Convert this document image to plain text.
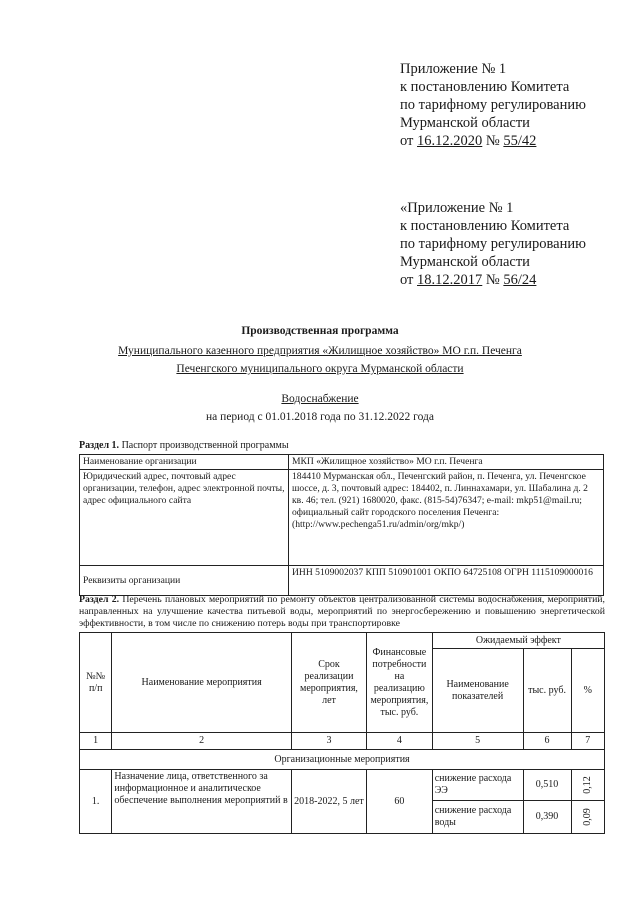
Приложение № 1
к постановлению Комитета
по тарифному регулированию
Мурманской области
от 16.12.2020 № 55/42
«Приложение № 1
к постановлению Комитета
по тарифному регулированию
Мурманской области
от 18.12.2017 № 56/24
Производственная программа
Муниципального казенного предприятия «Жилищное хозяйство» МО г.п. Печенга
Печенгского муниципального округа Мурманской области
Водоснабжение
на период с 01.01.2018 года по 31.12.2022 года
Раздел 1. Паспорт производственной программы
Наименование организации	МКП «Жилищное хозяйство» МО г.п. Печенга
Юридический адрес, почтовый адрес организации, телефон, адрес электронной почты, адрес официального сайта	184410 Мурманская обл., Печенгский район, п. Печенга, ул. Печенгское шоссе, д. 3, почтовый адрес: 184402, п. Линнахамари, ул. Шабалина д. 2 кв. 46; тел. (921) 1680020, факс. (815-54)76347; e-mail: mkp51@mail.ru; официальный сайт городского поселения Печенга: (http://www.pechenga51.ru/admin/org/mkp/)
Реквизиты организации	ИНН 5109002037 КПП 510901001 ОКПО 64725108 ОГРН 1115109000016
Раздел 2. Перечень плановых мероприятий по ремонту объектов централизованной системы водоснабжения, мероприятий, направленных на улучшение качества питьевой воды, мероприятий по энергосбережению и повышению энергетической эффективности, в том числе по снижению потерь воды при транспортировке
№№ п/п	Наименование мероприятия	Срок реализации мероприятия, лет	Финансовые потребности на реализацию мероприятия, тыс. руб.	Ожидаемый эффект		
				Наименование показателей	тыс. руб.	%
1	2	3	4	5	6	7
Организационные мероприятия						
1.	Назначение лица, ответственного за информационное и аналитическое обеспечение выполнения мероприятий в	2018-2022, 5 лет	60	снижение расхода ЭЭ	0,510	0,12
				снижение расхода воды	0,390	0,09
